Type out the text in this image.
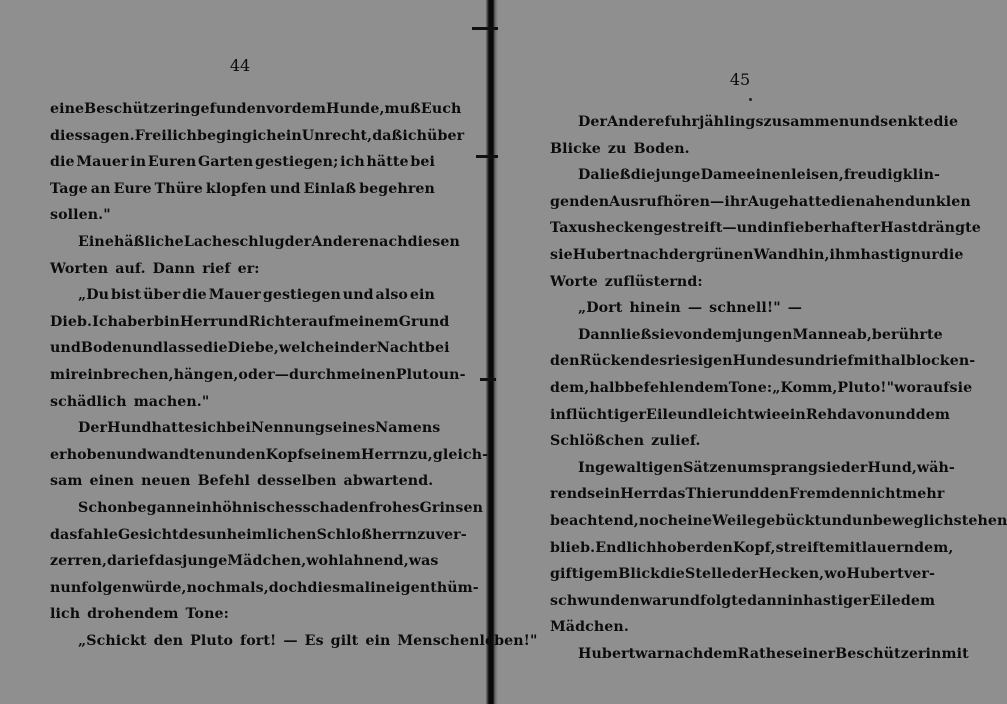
44
eine Beschützerin gefunden vor dem Hunde, muß Euch
dies sagen. Freilich beging ich ein Unrecht, daß ich über
die Mauer in Euren Garten gestiegen; ich hätte bei
Tage an Eure Thüre klopfen und Einlaß begehren
sollen."
Eine häßliche Lache schlug der Andere nach diesen
Worten auf. Dann rief er:
„Du bist über die Mauer gestiegen und also ein
Dieb. Ich aber bin Herr und Richter auf meinem Grund
und Boden und lasse die Diebe, welche in der Nacht bei
mir einbrechen, hängen, oder — durch meinen Pluto un-
schädlich machen."
Der Hund hatte sich bei Nennung seines Namens
erhoben und wandte nun den Kopf seinem Herrn zu, gleich-
sam einen neuen Befehl desselben abwartend.
Schon begann ein höhnisches schadenfrohes Grinsen
das fahle Gesicht des unheimlichen Schloßherrn zu ver-
zerren, da rief das junge Mädchen, wohl ahnend, was
nun folgen würde, nochmals, doch diesmal in eigenthüm-
lich drohendem Tone:
„Schickt den Pluto fort! — Es gilt ein Menschenleben!"
45
Der Andere fuhr jählings zusammen und senkte die
Blicke zu Boden.
Da ließ die junge Dame einen leisen, freudig klin-
genden Ausruf hören — ihr Auge hatte die nahen dunklen
Taxushecken gestreift — und in fieberhafter Hast drängte
sie Hubert nach der grünen Wand hin, ihm hastig nur die
Worte zuflüsternd:
„Dort hinein — schnell!" —
Dann ließ sie von dem jungen Manne ab, berührte
den Rücken des riesigen Hundes und rief mit halb locken-
dem, halb befehlendem Tone: „Komm, Pluto!" worauf sie
in flüchtiger Eile und leicht wie ein Reh davon und dem
Schlößchen zulief.
In gewaltigen Sätzen umsprang sie der Hund, wäh-
rend sein Herr das Thier und den Fremden nicht mehr
beachtend, noch eine Weile gebückt und unbeweglich stehen
blieb. Endlich hob er den Kopf, streifte mit lauerndem,
giftigem Blick die Stelle der Hecken, wo Hubert ver-
schwunden war und folgte dann in hastiger Eile dem
Mädchen.
Hubert war nach dem Rathe seiner Beschützerin mit
